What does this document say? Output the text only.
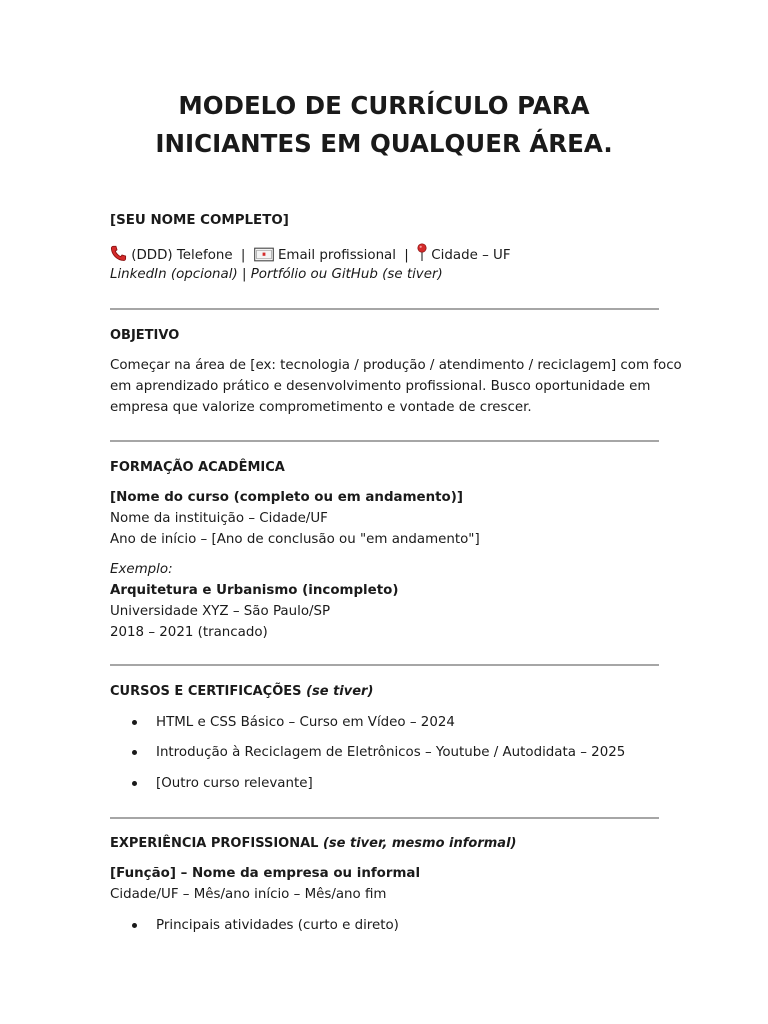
MODELO DE CURRÍCULO PARA
INICIANTES EM QUALQUER ÁREA.
[SEU NOME COMPLETO]
(DDD) Telefone | Email profissional | Cidade – UF
LinkedIn (opcional) | Portfólio ou GitHub (se tiver)
OBJETIVO
Começar na área de [ex: tecnologia / produção / atendimento / reciclagem] com foco
em aprendizado prático e desenvolvimento profissional. Busco oportunidade em
empresa que valorize comprometimento e vontade de crescer.
FORMAÇÃO ACADÊMICA
[Nome do curso (completo ou em andamento)]
Nome da instituição – Cidade/UF
Ano de início – [Ano de conclusão ou "em andamento"]
Exemplo:
Arquitetura e Urbanismo (incompleto)
Universidade XYZ – São Paulo/SP
2018 – 2021 (trancado)
CURSOS E CERTIFICAÇÕES (se tiver)
HTML e CSS Básico – Curso em Vídeo – 2024
Introdução à Reciclagem de Eletrônicos – Youtube / Autodidata – 2025
[Outro curso relevante]
EXPERIÊNCIA PROFISSIONAL (se tiver, mesmo informal)
[Função] – Nome da empresa ou informal
Cidade/UF – Mês/ano início – Mês/ano fim
Principais atividades (curto e direto)
